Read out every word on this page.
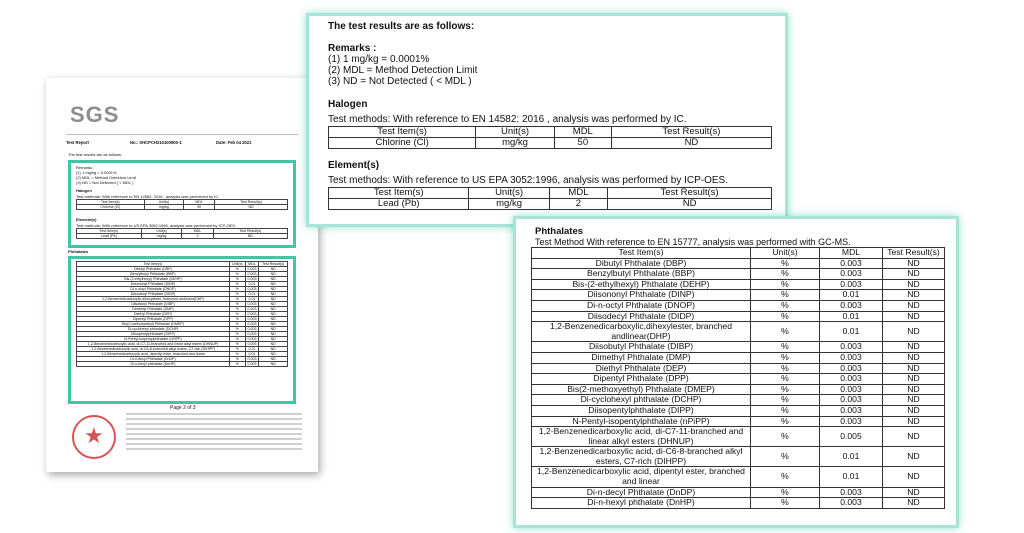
SGS
Test Report	No.: SHCPCH210100900-1	Date: Feb 04 2021
The test results are as follows:
Remarks :
(1) 1 mg/kg = 0.0001%
(2) MDL = Method Detection Limit
(3) ND = Not Detected ( < MDL )
Halogen
Test methods: With reference to EN 14582: 2016 , analysis was performed by IC.
Test Item(s)	Unit(s)	MDL	Test Result(s)
Chlorine (Cl)	mg/kg	50	ND
Element(s)
Test methods: With reference to US EPA 3052:1996, analysis was performed by ICP-OES.
Test Item(s)	Unit(s)	MDL	Test Result(s)
Lead (Pb)	mg/kg	2	ND
Phthalates
Test Item(s)	Unit(s)	MDL	Test Result(s)
Dibutyl Phthalate (DBP)	%	0.003	ND
Benzylbutyl Phthalate (BBP)	%	0.003	ND
Bis-(2-ethylhexyl) Phthalate (DEHP)	%	0.003	ND
Diisononyl Phthalate (DINP)	%	0.01	ND
Di-n-octyl Phthalate (DNOP)	%	0.003	ND
Diisodecyl Phthalate (DIDP)	%	0.01	ND
1,2-Benzenedicarboxylic,dihexylester, branched andlinear(DHP)	%	0.01	ND
Diisobutyl Phthalate (DIBP)	%	0.003	ND
Dimethyl Phthalate (DMP)	%	0.003	ND
Diethyl Phthalate (DEP)	%	0.003	ND
Dipentyl Phthalate (DPP)	%	0.003	ND
Bis(2-methoxyethyl) Phthalate (DMEP)	%	0.003	ND
Di-cyclohexyl phthalate (DCHP)	%	0.003	ND
Diisopentylphthalate (DIPP)	%	0.003	ND
N-Pentyl-isopentylphthalate (nPiPP)	%	0.003	ND
1,2-Benzenedicarboxylic acid, di-C7-11-branched and linear alkyl esters (DHNUP)	%	0.005	ND
1,2-Benzenedicarboxylic acid, di-C6-8-branched alkyl esters, C7-rich (DIHPP)	%	0.01	ND
1,2-Benzenedicarboxylic acid, dipentyl ester, branched and linear	%	0.01	ND
Di-n-decyl Phthalate (DnDP)	%	0.003	ND
Di-n-hexyl phthalate (DnHP)	%	0.003	ND
Page 2 of 3
★
The test results are as follows:
Remarks :
(1) 1 mg/kg = 0.0001%
(2) MDL = Method Detection Limit
(3) ND = Not Detected ( < MDL )
Halogen
Test methods: With reference to EN 14582: 2016 , analysis was performed by IC.
Test Item(s)	Unit(s)	MDL	Test Result(s)
Chlorine (Cl)	mg/kg	50	ND
Element(s)
Test methods: With reference to US EPA 3052:1996, analysis was performed by ICP-OES.
Test Item(s)	Unit(s)	MDL	Test Result(s)
Lead (Pb)	mg/kg	2	ND
Phthalates
Test Method With reference to EN 15777, analysis was performed with GC-MS.
Test Item(s)	Unit(s)	MDL	Test Result(s)
Dibutyl Phthalate (DBP)	%	0.003	ND
Benzylbutyl Phthalate (BBP)	%	0.003	ND
Bis-(2-ethylhexyl) Phthalate (DEHP)	%	0.003	ND
Diisononyl Phthalate (DINP)	%	0.01	ND
Di-n-octyl Phthalate (DNOP)	%	0.003	ND
Diisodecyl Phthalate (DIDP)	%	0.01	ND
1,2-Benzenedicarboxylic,dihexylester, branched andlinear(DHP)	%	0.01	ND
Diisobutyl Phthalate (DIBP)	%	0.003	ND
Dimethyl Phthalate (DMP)	%	0.003	ND
Diethyl Phthalate (DEP)	%	0.003	ND
Dipentyl Phthalate (DPP)	%	0.003	ND
Bis(2-methoxyethyl) Phthalate (DMEP)	%	0.003	ND
Di-cyclohexyl phthalate (DCHP)	%	0.003	ND
Diisopentylphthalate (DIPP)	%	0.003	ND
N-Pentyl-isopentylphthalate (nPiPP)	%	0.003	ND
1,2-Benzenedicarboxylic acid, di-C7-11-branched and linear alkyl esters (DHNUP)	%	0.005	ND
1,2-Benzenedicarboxylic acid, di-C6-8-branched alkyl esters, C7-rich (DIHPP)	%	0.01	ND
1,2-Benzenedicarboxylic acid, dipentyl ester, branched and linear	%	0.01	ND
Di-n-decyl Phthalate (DnDP)	%	0.003	ND
Di-n-hexyl phthalate (DnHP)	%	0.003	ND
